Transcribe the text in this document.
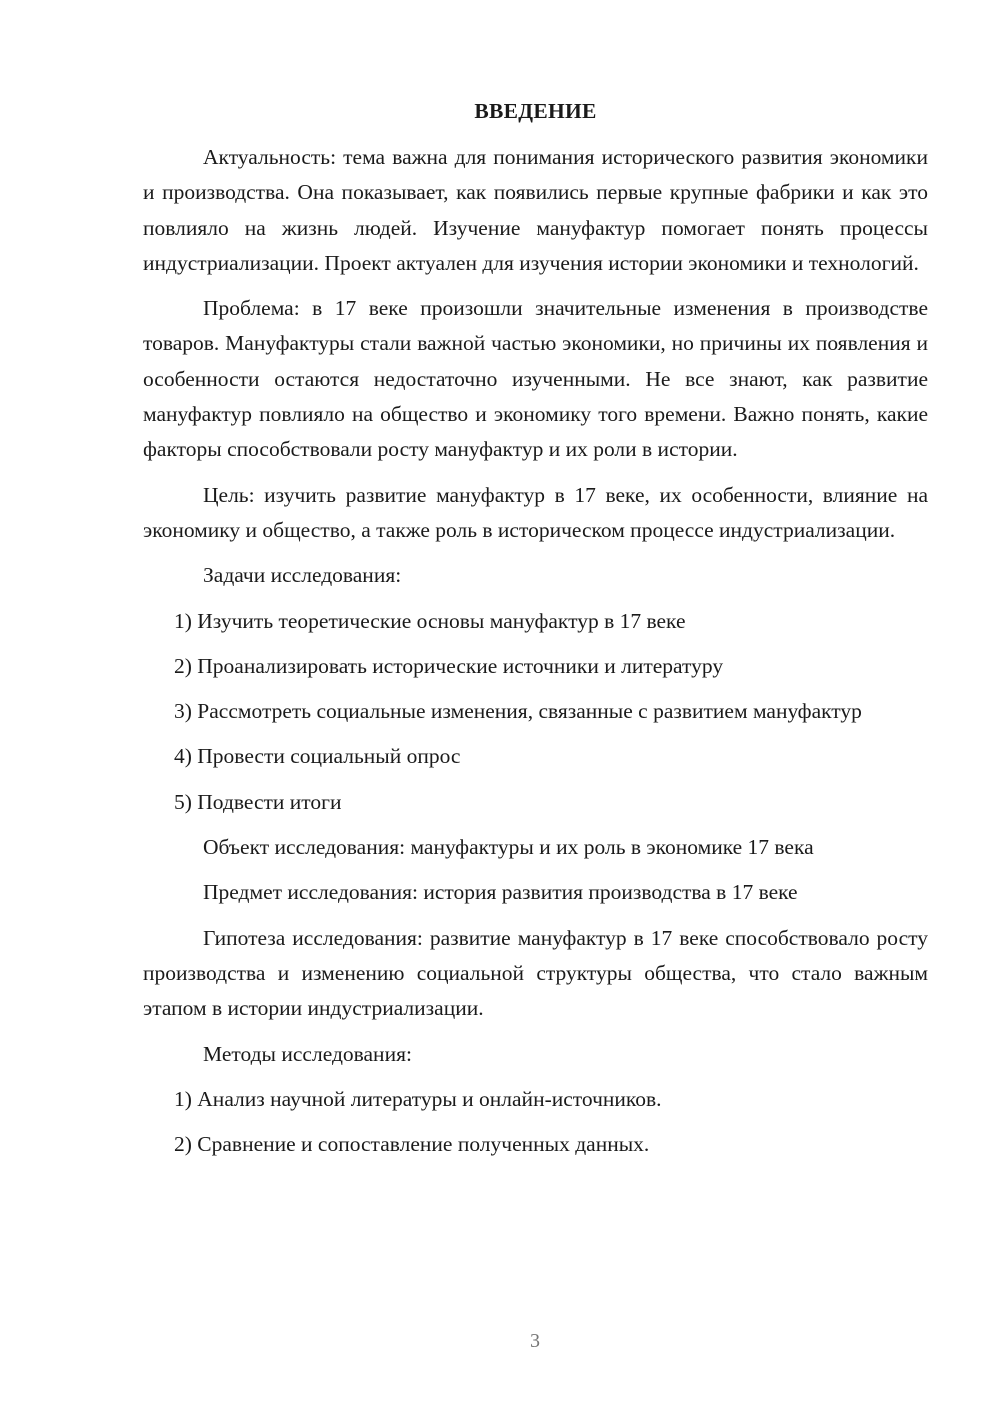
ВВЕДЕНИЕ

Актуальность: тема важна для понимания исторического развития экономики и производства. Она показывает, как появились первые крупные фабрики и как это повлияло на жизнь людей. Изучение мануфактур помогает понять процессы индустриализации. Проект актуален для изучения истории экономики и технологий.

Проблема: в 17 веке произошли значительные изменения в производстве товаров. Мануфактуры стали важной частью экономики, но причины их появления и особенности остаются недостаточно изученными. Не все знают, как развитие мануфактур повлияло на общество и экономику того времени. Важно понять, какие факторы способствовали росту мануфактур и их роли в истории.

Цель: изучить развитие мануфактур в 17 веке, их особенности, влияние на экономику и общество, а также роль в историческом процессе индустриализации.

Задачи исследования:

1) Изучить теоретические основы мануфактур в 17 веке

2) Проанализировать исторические источники и литературу

3) Рассмотреть социальные изменения, связанные с развитием мануфактур

4) Провести социальный опрос

5) Подвести итоги

Объект исследования: мануфактуры и их роль в экономике 17 века

Предмет исследования: история развития производства в 17 веке

Гипотеза исследования: развитие мануфактур в 17 веке способствовало росту производства и изменению социальной структуры общества, что стало важным этапом в истории индустриализации.

Методы исследования:

1) Анализ научной литературы и онлайн-источников.

2) Сравнение и сопоставление полученных данных.

3
